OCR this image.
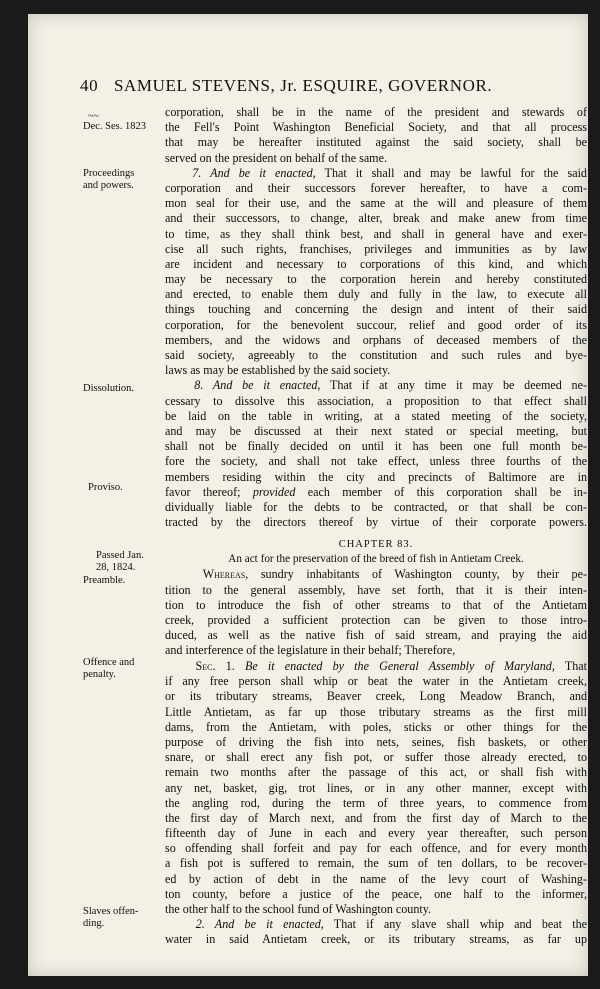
40 SAMUEL STEVENS, Jr. ESQUIRE, GOVERNOR.
Dec. Ses. 1823
~~
Proceedings
and powers.
Dissolution.
Proviso.
Passed Jan.
28, 1824.
Preamble.
Offence and
penalty.
Slaves offen-
ding.
corporation, shall be in the name of the president and stewards of
the Fell's Point Washington Beneficial Society, and that all process
that may be hereafter instituted against the said society, shall be
served on the president on behalf of the same.
7. And be it enacted, That it shall and may be lawful for the said
corporation and their successors forever hereafter, to have a com-
mon seal for their use, and the same at the will and pleasure of them
and their successors, to change, alter, break and make anew from time
to time, as they shall think best, and shall in general have and exer-
cise all such rights, franchises, privileges and immunities as by law
are incident and necessary to corporations of this kind, and which
may be necessary to the corporation herein and hereby constituted
and erected, to enable them duly and fully in the law, to execute all
things touching and concerning the design and intent of their said
corporation, for the benevolent succour, relief and good order of its
members, and the widows and orphans of deceased members of the
said society, agreeably to the constitution and such rules and bye-
laws as may be established by the said society.
8. And be it enacted, That if at any time it may be deemed ne-
cessary to dissolve this association, a proposition to that effect shall
be laid on the table in writing, at a stated meeting of the society,
and may be discussed at their next stated or special meeting, but
shall not be finally decided on until it has been one full month be-
fore the society, and shall not take effect, unless three fourths of the
members residing within the city and precincts of Baltimore are in
favor thereof; provided each member of this corporation shall be in-
dividually liable for the debts to be contracted, or that shall be con-
tracted by the directors thereof by virtue of their corporate powers.
CHAPTER 83.
An act for the preservation of the breed of fish in Antietam Creek.
Whereas, sundry inhabitants of Washington county, by their pe-
tition to the general assembly, have set forth, that it is their inten-
tion to introduce the fish of other streams to that of the Antietam
creek, provided a sufficient protection can be given to those intro-
duced, as well as the native fish of said stream, and praying the aid
and interference of the legislature in their behalf; Therefore,
Sec. 1. Be it enacted by the General Assembly of Maryland, That
if any free person shall whip or beat the water in the Antietam creek,
or its tributary streams, Beaver creek, Long Meadow Branch, and
Little Antietam, as far up those tributary streams as the first mill
dams, from the Antietam, with poles, sticks or other things for the
purpose of driving the fish into nets, seines, fish baskets, or other
snare, or shall erect any fish pot, or suffer those already erected, to
remain two months after the passage of this act, or shall fish with
any net, basket, gig, trot lines, or in any other manner, except with
the angling rod, during the term of three years, to commence from
the first day of March next, and from the first day of March to the
fifteenth day of June in each and every year thereafter, such person
so offending shall forfeit and pay for each offence, and for every month
a fish pot is suffered to remain, the sum of ten dollars, to be recover-
ed by action of debt in the name of the levy court of Washing-
ton county, before a justice of the peace, one half to the informer,
the other half to the school fund of Washington county.
2. And be it enacted, That if any slave shall whip and beat the
water in said Antietam creek, or its tributary streams, as far up
